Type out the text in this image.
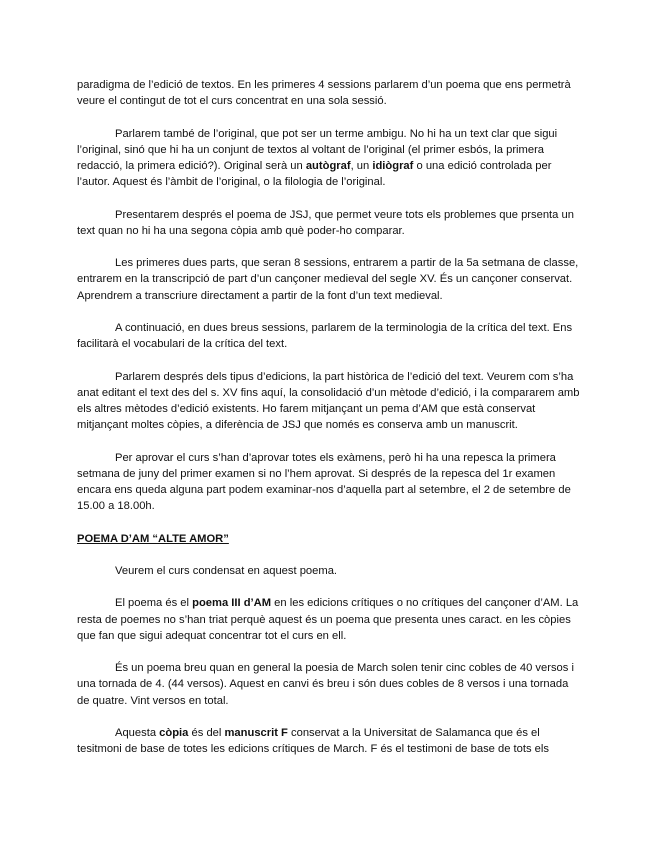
paradigma de l’edició de textos. En les primeres 4 sessions parlarem d’un poema que ens permetrà veure el contingut de tot el curs concentrat en una sola sessió.

Parlarem també de l’original, que pot ser un terme ambigu. No hi ha un text clar que sigui l’original, sinó que hi ha un conjunt de textos al voltant de l’original (el primer esbós, la primera redacció, la primera edició?). Original serà un autògraf, un idiògraf o una edició controlada per l’autor. Aquest és l’àmbit de l’original, o la filologia de l’original.

Presentarem després el poema de JSJ, que permet veure tots els problemes que prsenta un text quan no hi ha una segona còpia amb què poder-ho comparar.

Les primeres dues parts, que seran 8 sessions, entrarem a partir de la 5a setmana de classe, entrarem en la transcripció de part d’un cançoner medieval del segle XV. És un cançoner conservat. Aprendrem a transcriure directament a partir de la font d’un text medieval.

A continuació, en dues breus sessions, parlarem de la terminologia de la crítica del text. Ens facilitarà el vocabulari de la crítica del text.

Parlarem després dels tipus d’edicions, la part històrica de l’edició del text. Veurem com s’ha anat editant el text des del s. XV fins aquí, la consolidació d’un mètode d’edició, i la compararem amb els altres mètodes d’edició existents. Ho farem mitjançant un pema d’AM que està conservat mitjançant moltes còpies, a diferència de JSJ que només es conserva amb un manuscrit.

Per aprovar el curs s’han d’aprovar totes els exàmens, però hi ha una repesca la primera setmana de juny del primer examen si no l’hem aprovat. Si després de la repesca del 1r examen encara ens queda alguna part podem examinar-nos d’aquella part al setembre, el 2 de setembre de 15.00 a 18.00h.

POEMA D’AM “ALTE AMOR”

Veurem el curs condensat en aquest poema.

El poema és el poema III d’AM en les edicions crítiques o no crítiques del cançoner d’AM. La resta de poemes no s’han triat perquè aquest és un poema que presenta unes caract. en les còpies que fan que sigui adequat concentrar tot el curs en ell.

És un poema breu quan en general la poesia de March solen tenir cinc cobles de 40 versos i una tornada de 4. (44 versos). Aquest en canvi és breu i són dues cobles de 8 versos i una tornada de quatre. Vint versos en total.

Aquesta còpia és del manuscrit F conservat a la Universitat de Salamanca que és el tesitmoni de base de totes les edicions crítiques de March. F és el testimoni de base de tots els
